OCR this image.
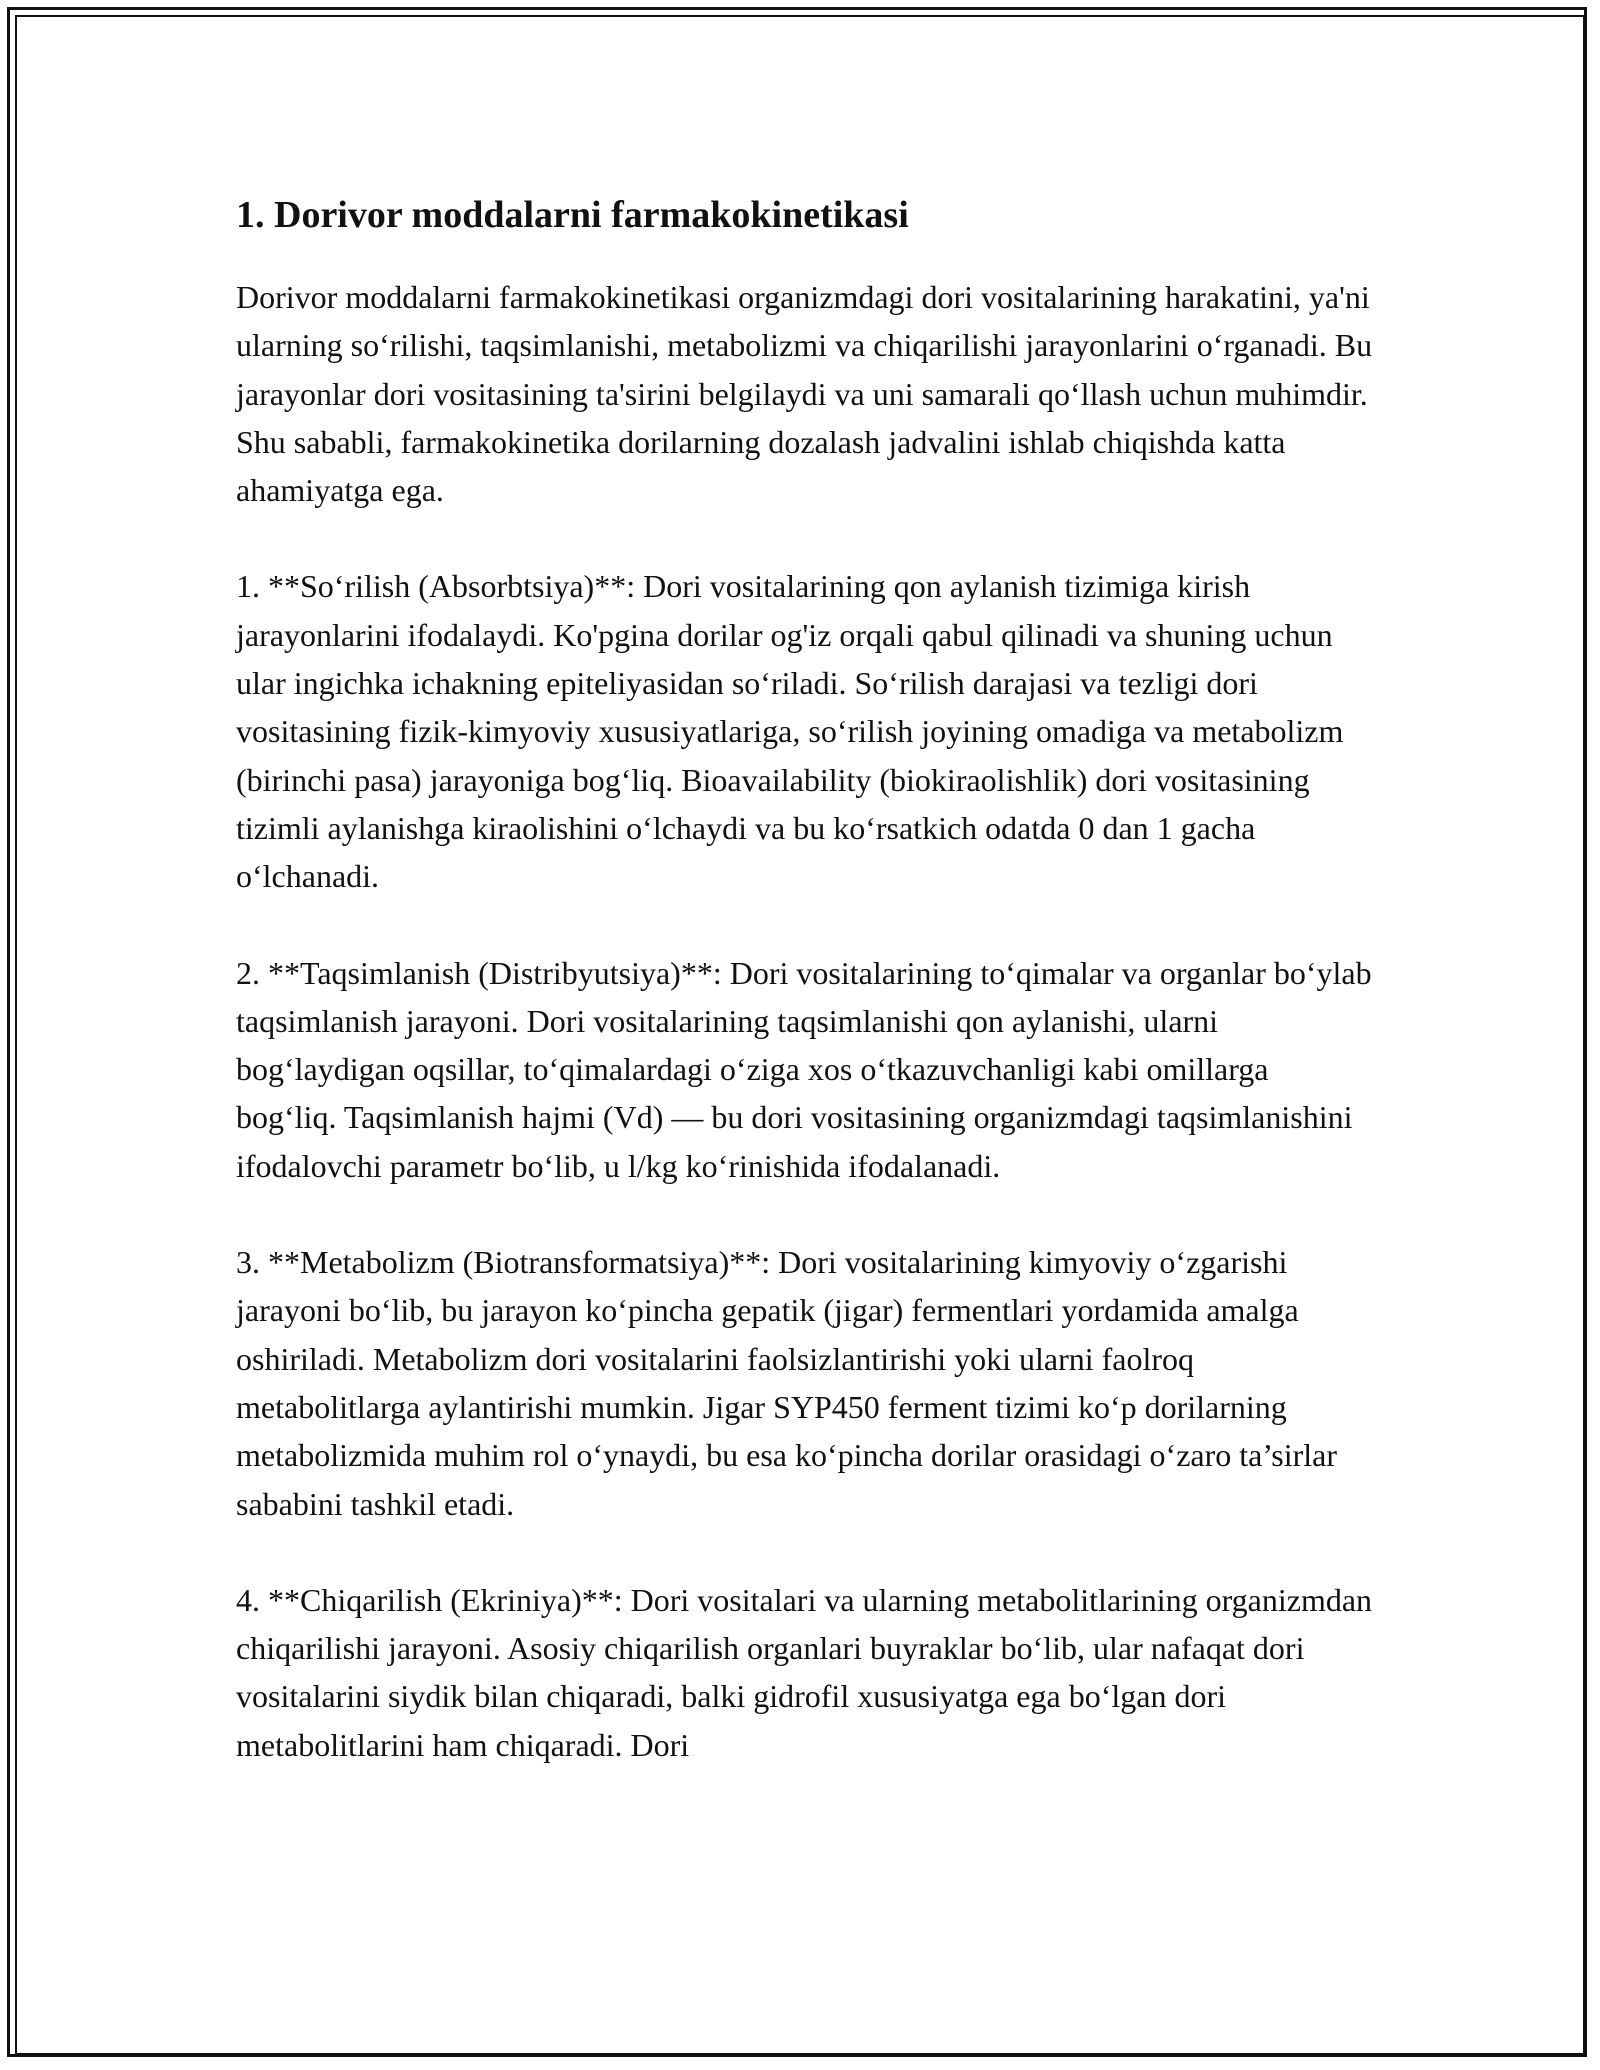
1. Dorivor moddalarni farmakokinetikasi

Dorivor moddalarni farmakokinetikasi organizmdagi dori vositalarining harakatini, ya'ni ularning so‘rilishi, taqsimlanishi, metabolizmi va chiqarilishi jarayonlarini o‘rganadi. Bu jarayonlar dori vositasining ta'sirini belgilaydi va uni samarali qo‘llash uchun muhimdir. Shu sababli, farmakokinetika dorilarning dozalash jadvalini ishlab chiqishda katta ahamiyatga ega.

1. **So‘rilish (Absorbtsiya)**: Dori vositalarining qon aylanish tizimiga kirish jarayonlarini ifodalaydi. Ko'pgina dorilar og'iz orqali qabul qilinadi va shuning uchun ular ingichka ichakning epiteliyasidan so‘riladi. So‘rilish darajasi va tezligi dori vositasining fizik-kimyoviy xususiyatlariga, so‘rilish joyining omadiga va metabolizm (birinchi pasa) jarayoniga bog‘liq. Bioavailability (biokiraolishlik) dori vositasining tizimli aylanishga kiraolishini o‘lchaydi va bu ko‘rsatkich odatda 0 dan 1 gacha o‘lchanadi.

2. **Taqsimlanish (Distribyutsiya)**: Dori vositalarining to‘qimalar va organlar bo‘ylab taqsimlanish jarayoni. Dori vositalarining taqsimlanishi qon aylanishi, ularni bog‘laydigan oqsillar, to‘qimalardagi o‘ziga xos o‘tkazuvchanligi kabi omillarga bog‘liq. Taqsimlanish hajmi (Vd) — bu dori vositasining organizmdagi taqsimlanishini ifodalovchi parametr bo‘lib, u l/kg ko‘rinishida ifodalanadi.

3. **Metabolizm (Biotransformatsiya)**: Dori vositalarining kimyoviy o‘zgarishi jarayoni bo‘lib, bu jarayon ko‘pincha gepatik (jigar) fermentlari yordamida amalga oshiriladi. Metabolizm dori vositalarini faolsizlantirishi yoki ularni faolroq metabolitlarga aylantirishi mumkin. Jigar SYP450 ferment tizimi ko‘p dorilarning metabolizmida muhim rol o‘ynaydi, bu esa ko‘pincha dorilar orasidagi o‘zaro ta’sirlar sababini tashkil etadi.

4. **Chiqarilish (Ekriniya)**: Dori vositalari va ularning metabolitlarining organizmdan chiqarilishi jarayoni. Asosiy chiqarilish organlari buyraklar bo‘lib, ular nafaqat dori vositalarini siydik bilan chiqaradi, balki gidrofil xususiyatga ega bo‘lgan dori metabolitlarini ham chiqaradi. Dori
